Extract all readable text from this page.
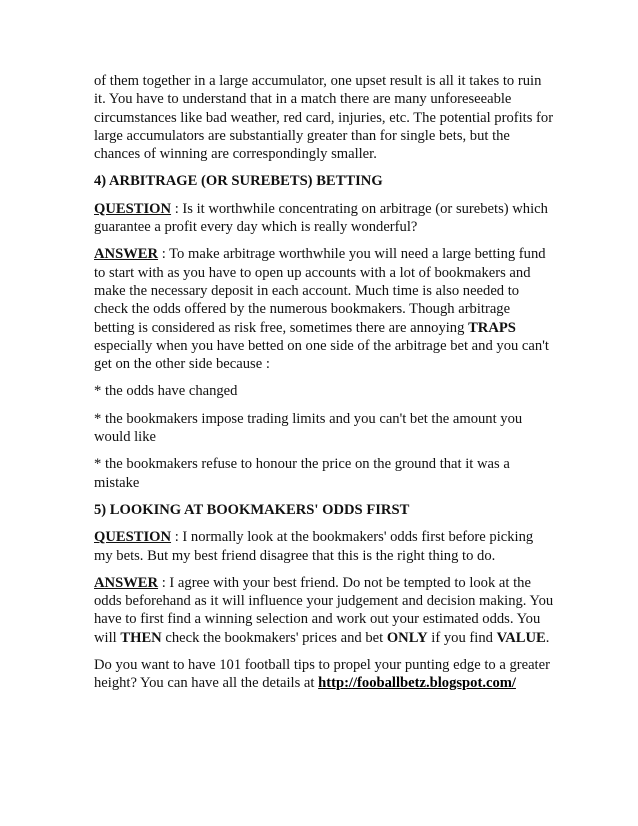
of them together in a large accumulator, one upset result is all it takes to ruin it. You have to understand that in a match there are many unforeseeable circumstances like bad weather, red card, injuries, etc. The potential profits for large accumulators are substantially greater than for single bets, but the chances of winning are correspondingly smaller.

4) ARBITRAGE (OR SUREBETS) BETTING

QUESTION : Is it worthwhile concentrating on arbitrage (or surebets) which guarantee a profit every day which is really wonderful?

ANSWER : To make arbitrage worthwhile you will need a large betting fund to start with as you have to open up accounts with a lot of bookmakers and make the necessary deposit in each account. Much time is also needed to check the odds offered by the numerous bookmakers. Though arbitrage betting is considered as risk free, sometimes there are annoying TRAPS especially when you have betted on one side of the arbitrage bet and you can't get on the other side because :

* the odds have changed

* the bookmakers impose trading limits and you can't bet the amount you would like

* the bookmakers refuse to honour the price on the ground that it was a mistake

5) LOOKING AT BOOKMAKERS' ODDS FIRST

QUESTION : I normally look at the bookmakers' odds first before picking my bets. But my best friend disagree that this is the right thing to do.

ANSWER : I agree with your best friend. Do not be tempted to look at the odds beforehand as it will influence your judgement and decision making. You have to first find a winning selection and work out your estimated odds. You will THEN check the bookmakers' prices and bet ONLY if you find VALUE.

Do you want to have 101 football tips to propel your punting edge to a greater height? You can have all the details at http://fooballbetz.blogspot.com/
